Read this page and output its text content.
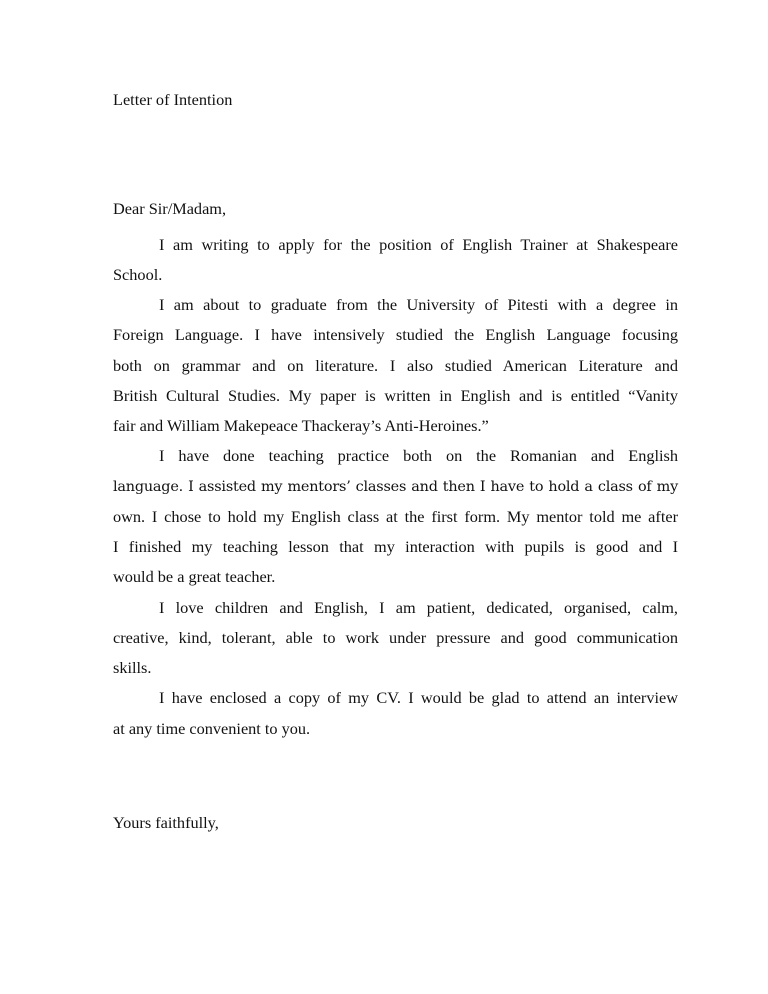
Letter of Intention
Dear Sir/Madam,
I am writing to apply for the position of English Trainer at Shakespeare
School.
I am about to graduate from the University of Pitesti with a degree in
Foreign Language. I have intensively studied the English Language focusing
both on grammar and on literature. I also studied American Literature and
British Cultural Studies. My paper is written in English and is entitled “Vanity
fair and William Makepeace Thackeray’s Anti-Heroines.”
I have done teaching practice both on the Romanian and English
language. I assisted my mentors’ classes and then I have to hold a class of my
own. I chose to hold my English class at the first form. My mentor told me after
I finished my teaching lesson that my interaction with pupils is good and I
would be a great teacher.
I love children and English, I am patient, dedicated, organised, calm,
creative, kind, tolerant, able to work under pressure and good communication
skills.
I have enclosed a copy of my CV. I would be glad to attend an interview
at any time convenient to you.
Yours faithfully,
